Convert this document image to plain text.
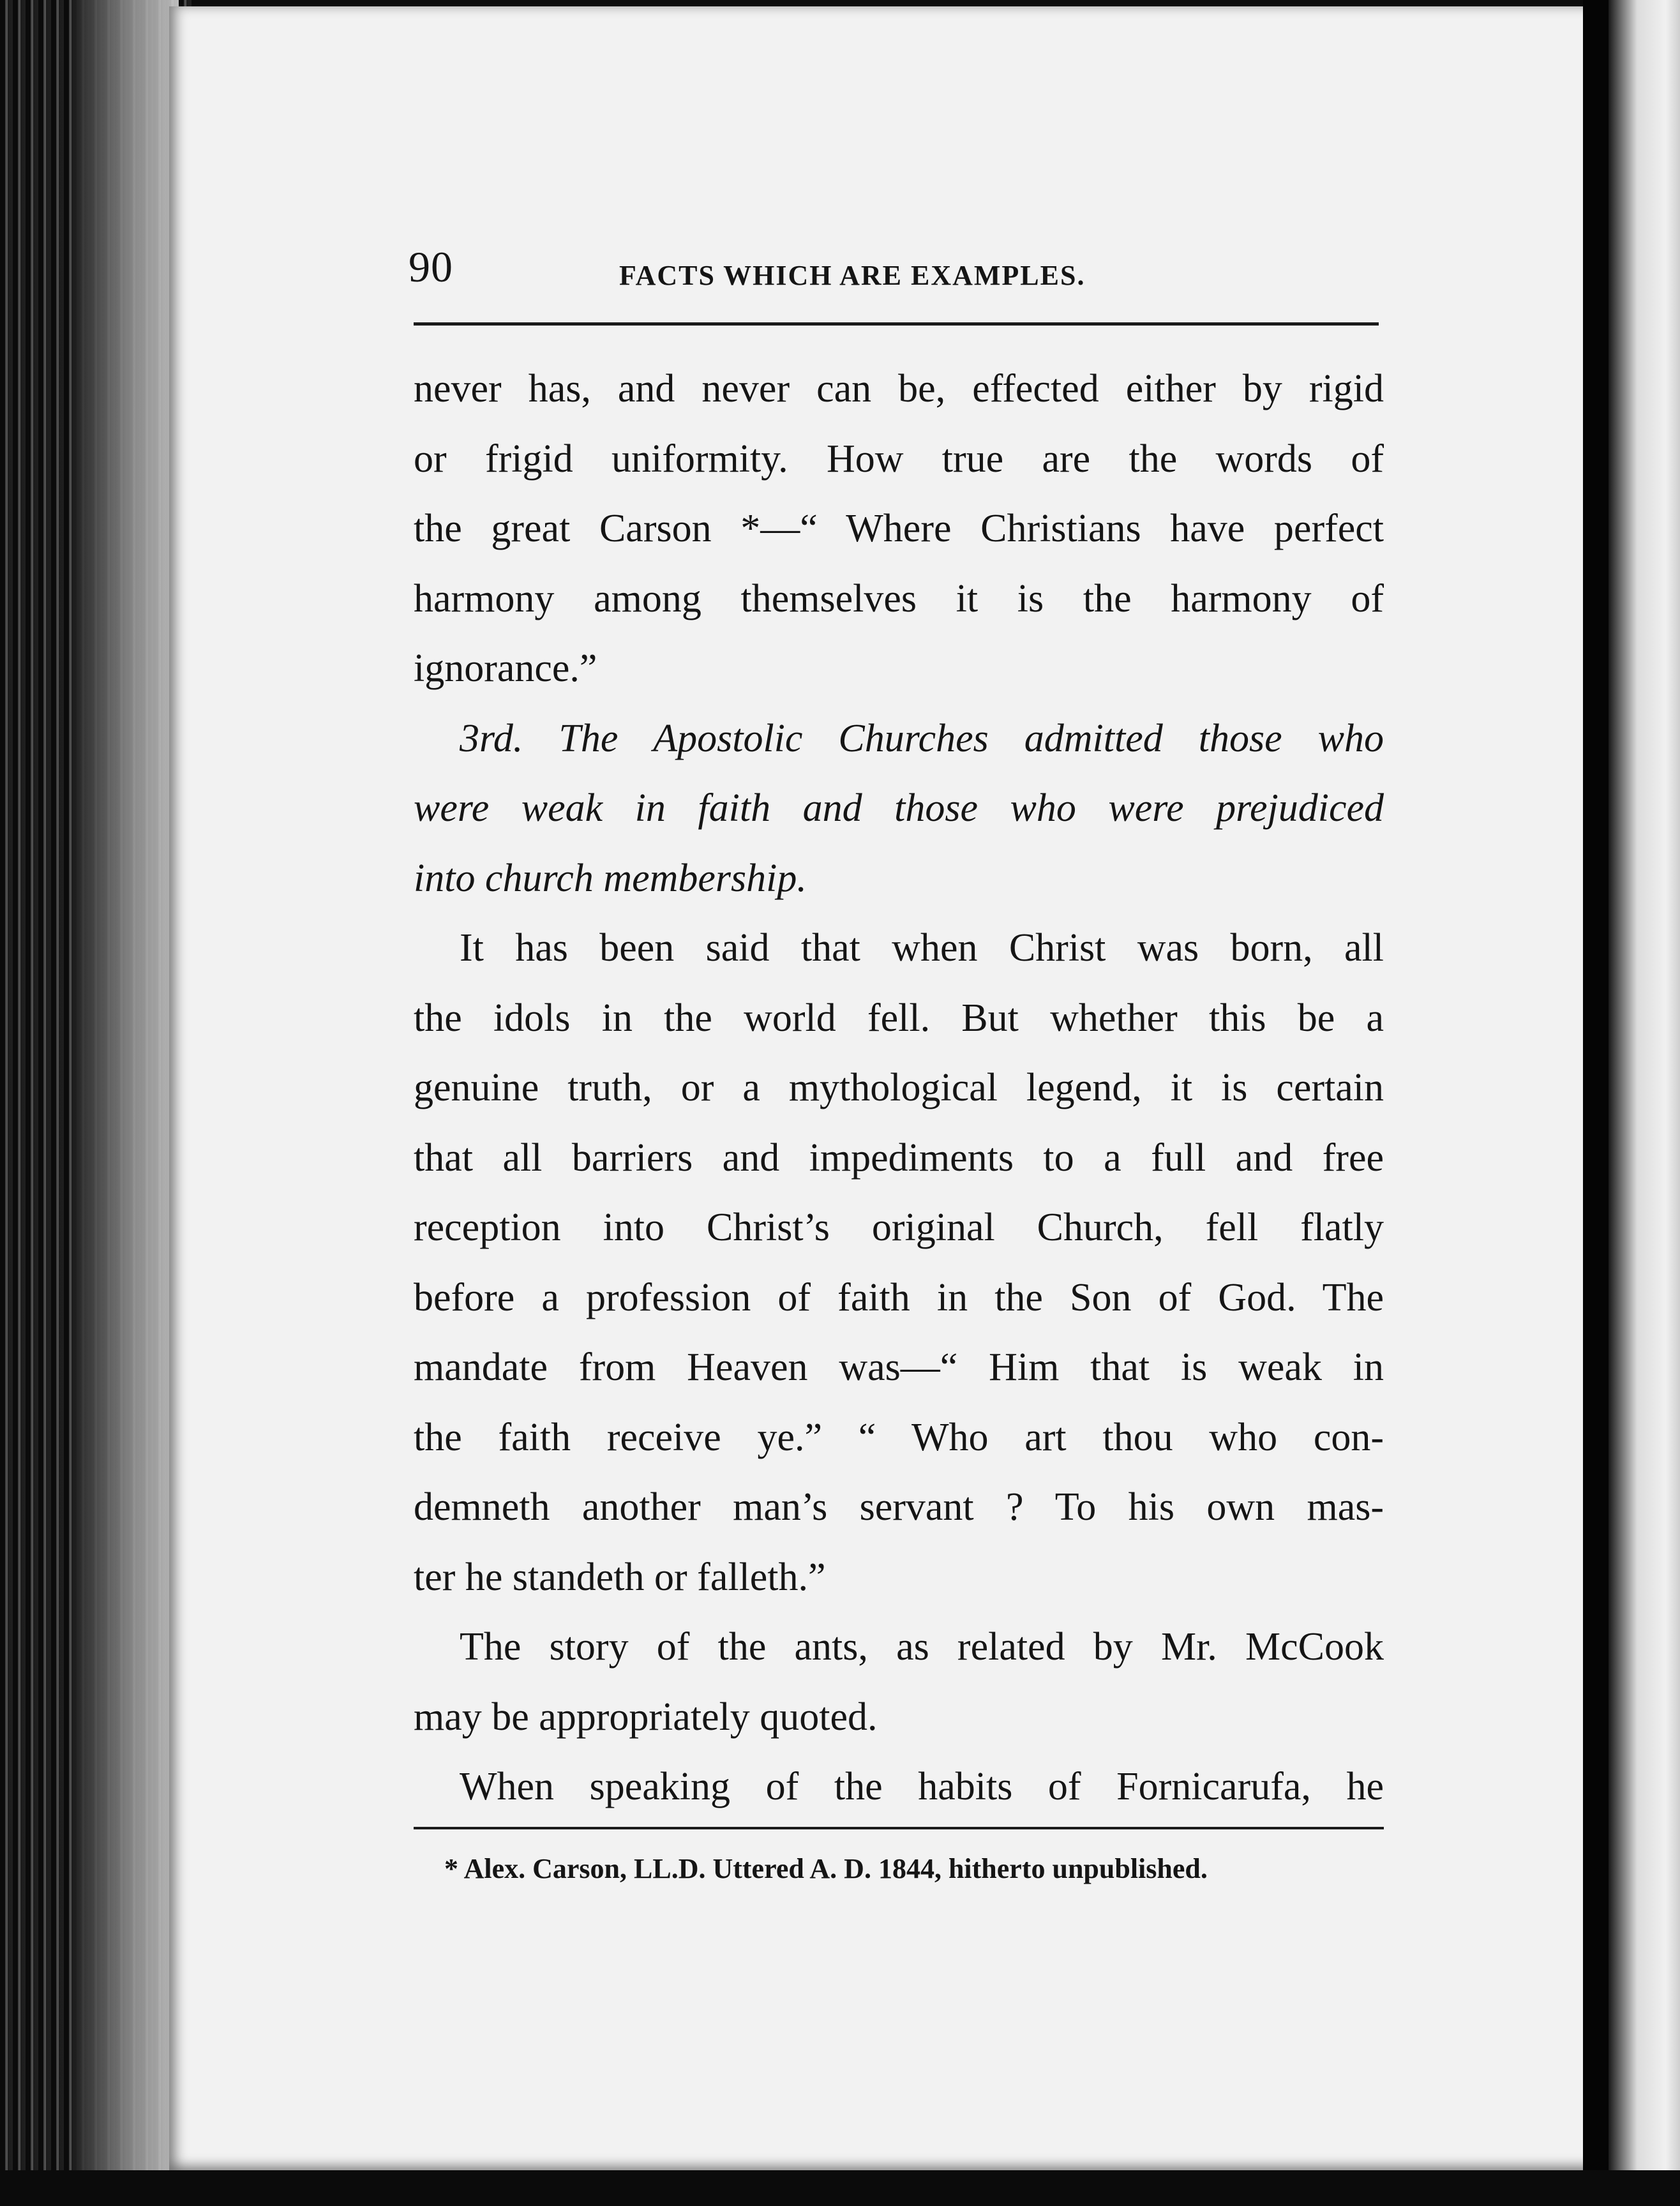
90	FACTS WHICH ARE EXAMPLES.
never has, and never can be, effected either by rigid
or frigid uniformity. How true are the words of
the great Carson *—“ Where Christians have perfect
harmony among themselves it is the harmony of
ignorance.”
3rd. The Apostolic Churches admitted those who
were weak in faith and those who were prejudiced
into church membership.
It has been said that when Christ was born, all
the idols in the world fell. But whether this be a
genuine truth, or a mythological legend, it is certain
that all barriers and impediments to a full and free
reception into Christ’s original Church, fell flatly
before a profession of faith in the Son of God. The
mandate from Heaven was—“ Him that is weak in
the faith receive ye.” “ Who art thou who con-
demneth another man’s servant ? To his own mas-
ter he standeth or falleth.”
The story of the ants, as related by Mr. McCook
may be appropriately quoted.
When speaking of the habits of Fornicarufa, he
* Alex. Carson, LL.D. Uttered A. D. 1844, hitherto unpublished.
